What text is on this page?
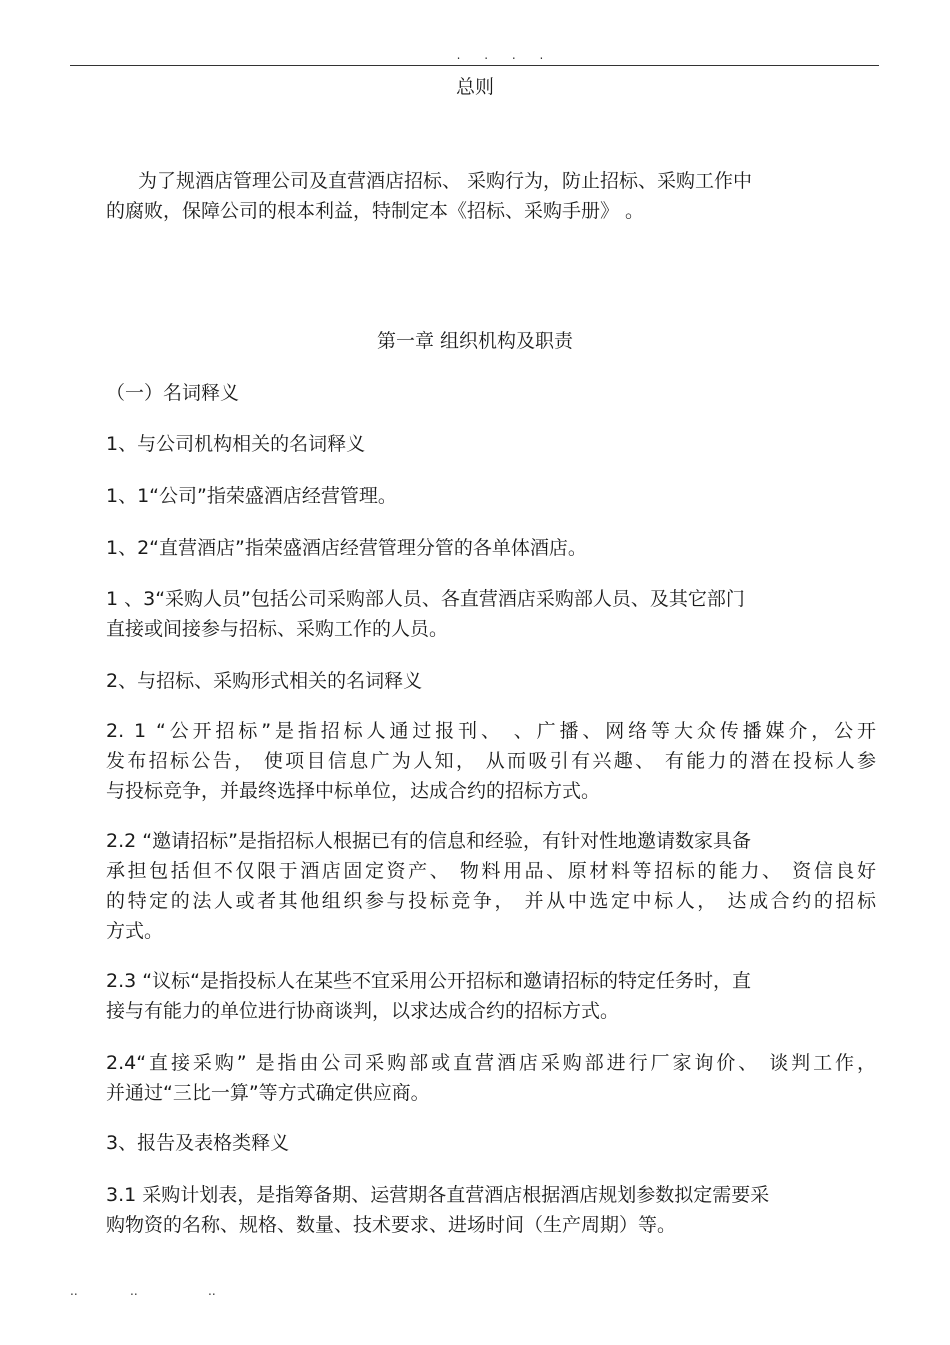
. . . .

总则

为了规酒店管理公司及直营酒店招标、 采购行为，防止招标、采购工作中

的腐败，保障公司的根本利益，特制定本《招标、采购手册》 。

第一章 组织机构及职责

（一）名词释义

1、与公司机构相关的名词释义

1、1“公司”指荣盛酒店经营管理。

1、2“直营酒店”指荣盛酒店经营管理分管的各单体酒店。

1 、3“采购人员”包括公司采购部人员、各直营酒店采购部人员、及其它部门

直接或间接参与招标、采购工作的人员。

2、与招标、采购形式相关的名词释义

2. 1 “公开招标”是指招标人通过报刊、 、广播、网络等大众传播媒介，公开

发布招标公告， 使项目信息广为人知， 从而吸引有兴趣、 有能力的潜在投标人参

与投标竞争，并最终选择中标单位，达成合约的招标方式。

2.2 “邀请招标”是指招标人根据已有的信息和经验，有针对性地邀请数家具备

承担包括但不仅限于酒店固定资产、 物料用品、原材料等招标的能力、 资信良好

的特定的法人或者其他组织参与投标竞争， 并从中选定中标人， 达成合约的招标

方式。

2.3 “议标“是指投标人在某些不宜采用公开招标和邀请招标的特定任务时，直

接与有能力的单位进行协商谈判，以求达成合约的招标方式。

2.4“直接采购” 是指由公司采购部或直营酒店采购部进行厂家询价、 谈判工作，

并通过“三比一算”等方式确定供应商。

3、报告及表格类释义

3.1 采购计划表，是指筹备期、运营期各直营酒店根据酒店规划参数拟定需要采

购物资的名称、规格、数量、技术要求、进场时间（生产周期）等。

..	..	..
